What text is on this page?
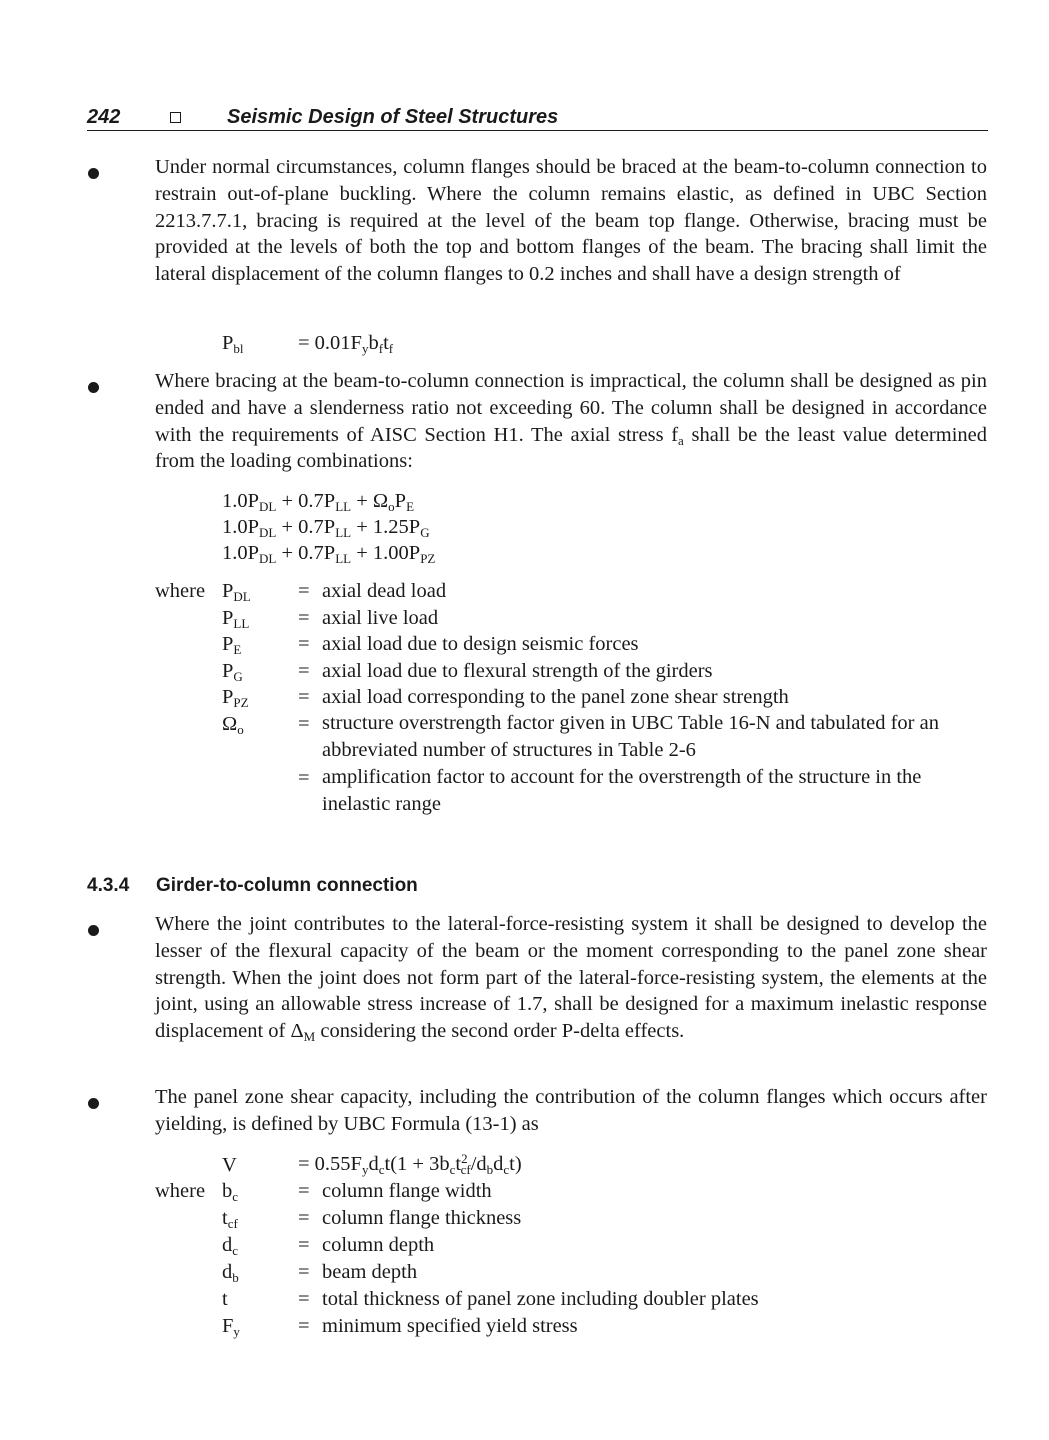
242	Seismic Design of Steel Structures

Under normal circumstances, column flanges should be braced at the beam-to-column connection to restrain out-of-plane buckling. Where the column remains elastic, as defined in UBC Section 2213.7.7.1, bracing is required at the level of the beam top flange. Otherwise, bracing must be provided at the levels of both the top and bottom flanges of the beam. The bracing shall limit the lateral displacement of the column flanges to 0.2 inches and shall have a design strength of

$P_{bl}$	= $0.01F_yb_ft_f$

Where bracing at the beam-to-column connection is impractical, the column shall be designed as pin ended and have a slenderness ratio not exceeding 60. The column shall be designed in accordance with the requirements of AISC Section H1. The axial stress $f_a$ shall be the least value determined from the loading combinations:

$1.0P_{DL} + 0.7P_{LL} + \Omega_oP_E$
$1.0P_{DL} + 0.7P_{LL} + 1.25P_G$
$1.0P_{DL} + 0.7P_{LL} + 1.00P_{PZ}$
where $P_{DL}$ = axial dead load
$P_{LL}$ = axial live load
$P_E$	= axial load due to design seismic forces
$P_G$	= axial load due to flexural strength of the girders
$P_{PZ}$ = axial load corresponding to the panel zone shear strength
$\Omega_o$	= structure overstrength factor given in UBC Table 16-N and tabulated for an abbreviated number of structures in Table 2-6
= amplification factor to account for the overstrength of the structure in the inelastic range
4.3.4 Girder-to-column connection

Where the joint contributes to the lateral-force-resisting system it shall be designed to develop the lesser of the flexural capacity of the beam or the moment corresponding to the panel zone shear strength. When the joint does not form part of the lateral-force-resisting system, the elements at the joint, using an allowable stress increase of 1.7, shall be designed for a maximum inelastic response displacement of $\Delta_M$ considering the second order P-delta effects.

The panel zone shear capacity, including the contribution of the column flanges which occurs after yielding, is defined by UBC Formula (13-1) as

V	= $0.55F_yd_ct(1 + 3b_ct^2_{cf}/d_bd_ct)$
where $b_c$	= column flange width
$t_{cf}$	= column flange thickness
$d_c$	= column depth
$d_b$	= beam depth
t	= total thickness of panel zone including doubler plates
$F_y$	= minimum specified yield stress
